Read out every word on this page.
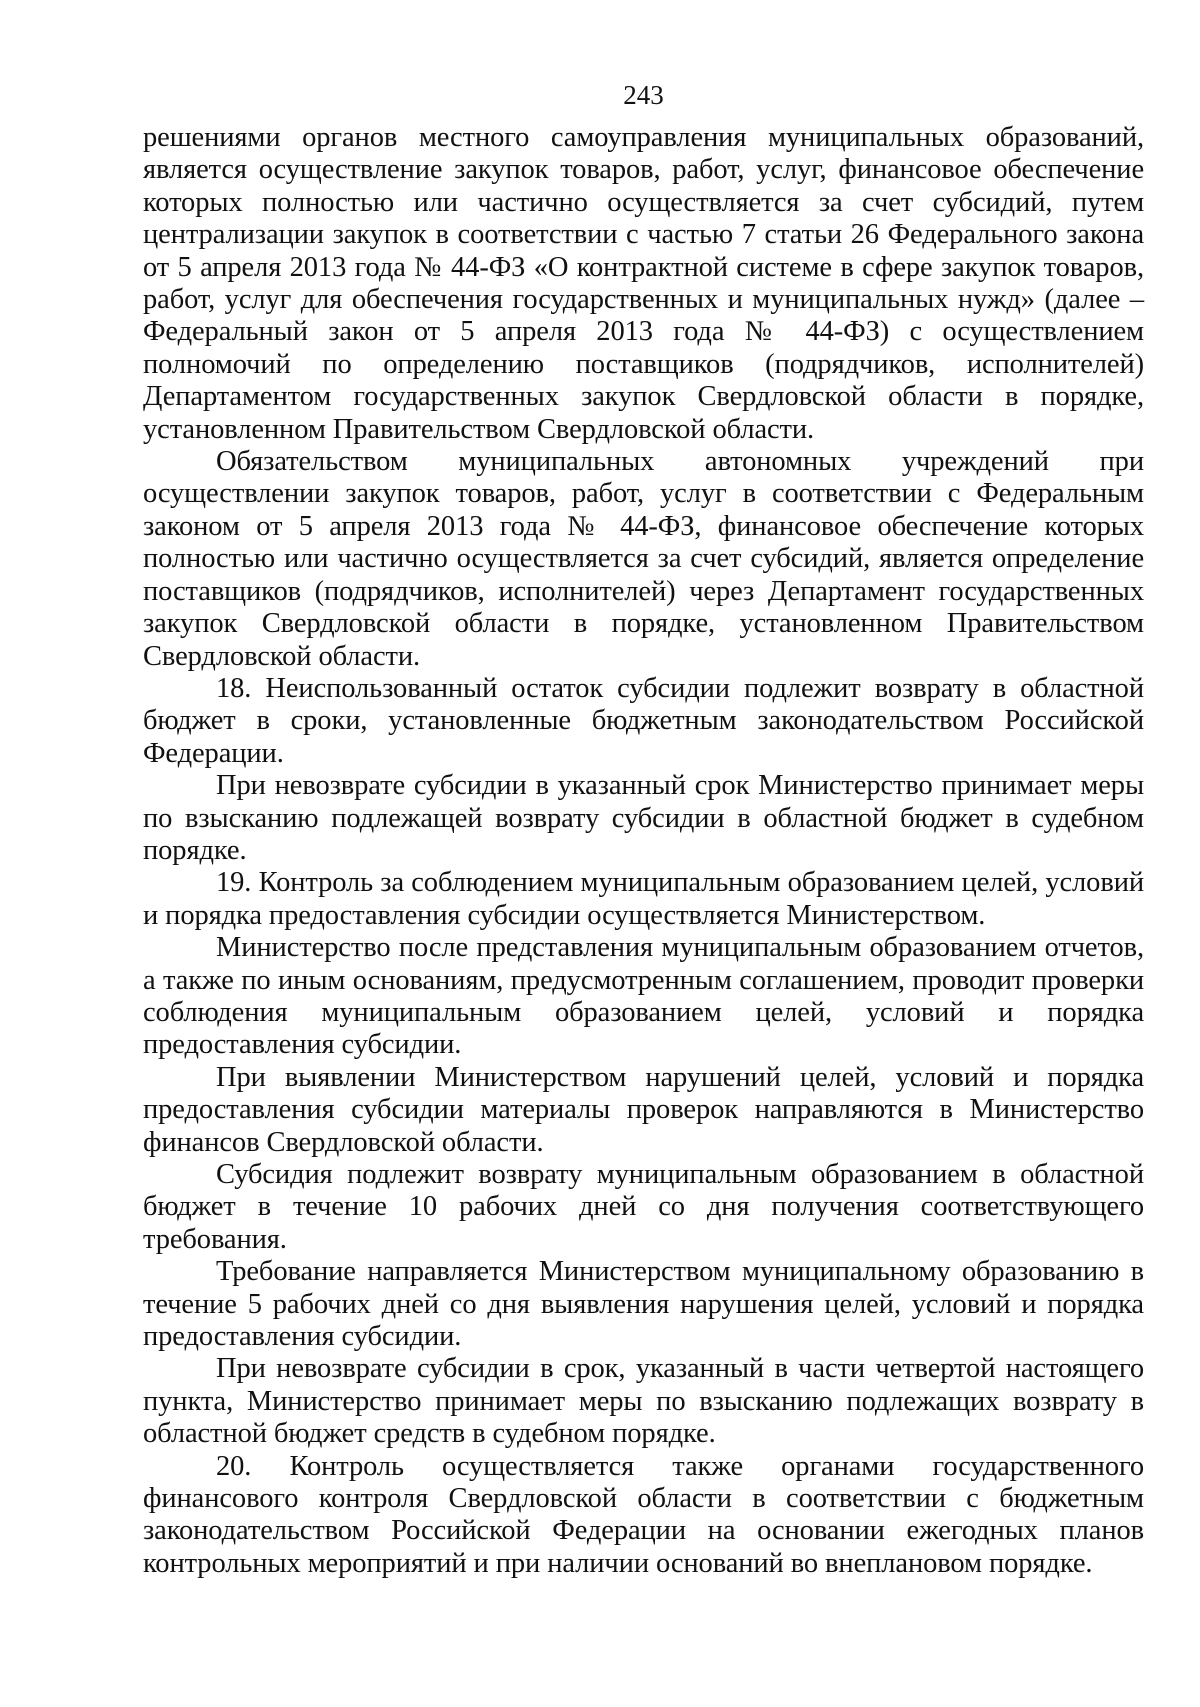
243

решениями органов местного самоуправления муниципальных образований, является осуществление закупок товаров, работ, услуг, финансовое обеспечение которых полностью или частично осуществляется за счет субсидий, путем централизации закупок в соответствии с частью 7 статьи 26 Федерального закона от 5 апреля 2013 года № 44-ФЗ «О контрактной системе в сфере закупок товаров, работ, услуг для обеспечения государственных и муниципальных нужд» (далее – Федеральный закон от 5 апреля 2013 года № 44-ФЗ) с осуществлением полномочий по определению поставщиков (подрядчиков, исполнителей) Департаментом государственных закупок Свердловской области в порядке, установленном Правительством Свердловской области.

Обязательством муниципальных автономных учреждений при осуществлении закупок товаров, работ, услуг в соответствии с Федеральным законом от 5 апреля 2013 года № 44-ФЗ, финансовое обеспечение которых полностью или частично осуществляется за счет субсидий, является определение поставщиков (подрядчиков, исполнителей) через Департамент государственных закупок Свердловской области в порядке, установленном Правительством Свердловской области.

18. Неиспользованный остаток субсидии подлежит возврату в областной бюджет в сроки, установленные бюджетным законодательством Российской Федерации.

При невозврате субсидии в указанный срок Министерство принимает меры по взысканию подлежащей возврату субсидии в областной бюджет в судебном порядке.

19. Контроль за соблюдением муниципальным образованием целей, условий и порядка предоставления субсидии осуществляется Министерством.

Министерство после представления муниципальным образованием отчетов, а также по иным основаниям, предусмотренным соглашением, проводит проверки соблюдения муниципальным образованием целей, условий и порядка предоставления субсидии.

При выявлении Министерством нарушений целей, условий и порядка предоставления субсидии материалы проверок направляются в Министерство финансов Свердловской области.

Субсидия подлежит возврату муниципальным образованием в областной бюджет в течение 10 рабочих дней со дня получения соответствующего требования.

Требование направляется Министерством муниципальному образованию в течение 5 рабочих дней со дня выявления нарушения целей, условий и порядка предоставления субсидии.

При невозврате субсидии в срок, указанный в части четвертой настоящего пункта, Министерство принимает меры по взысканию подлежащих возврату в областной бюджет средств в судебном порядке.

20. Контроль осуществляется также органами государственного финансового контроля Свердловской области в соответствии с бюджетным законодательством Российской Федерации на основании ежегодных планов контрольных мероприятий и при наличии оснований во внеплановом порядке.
